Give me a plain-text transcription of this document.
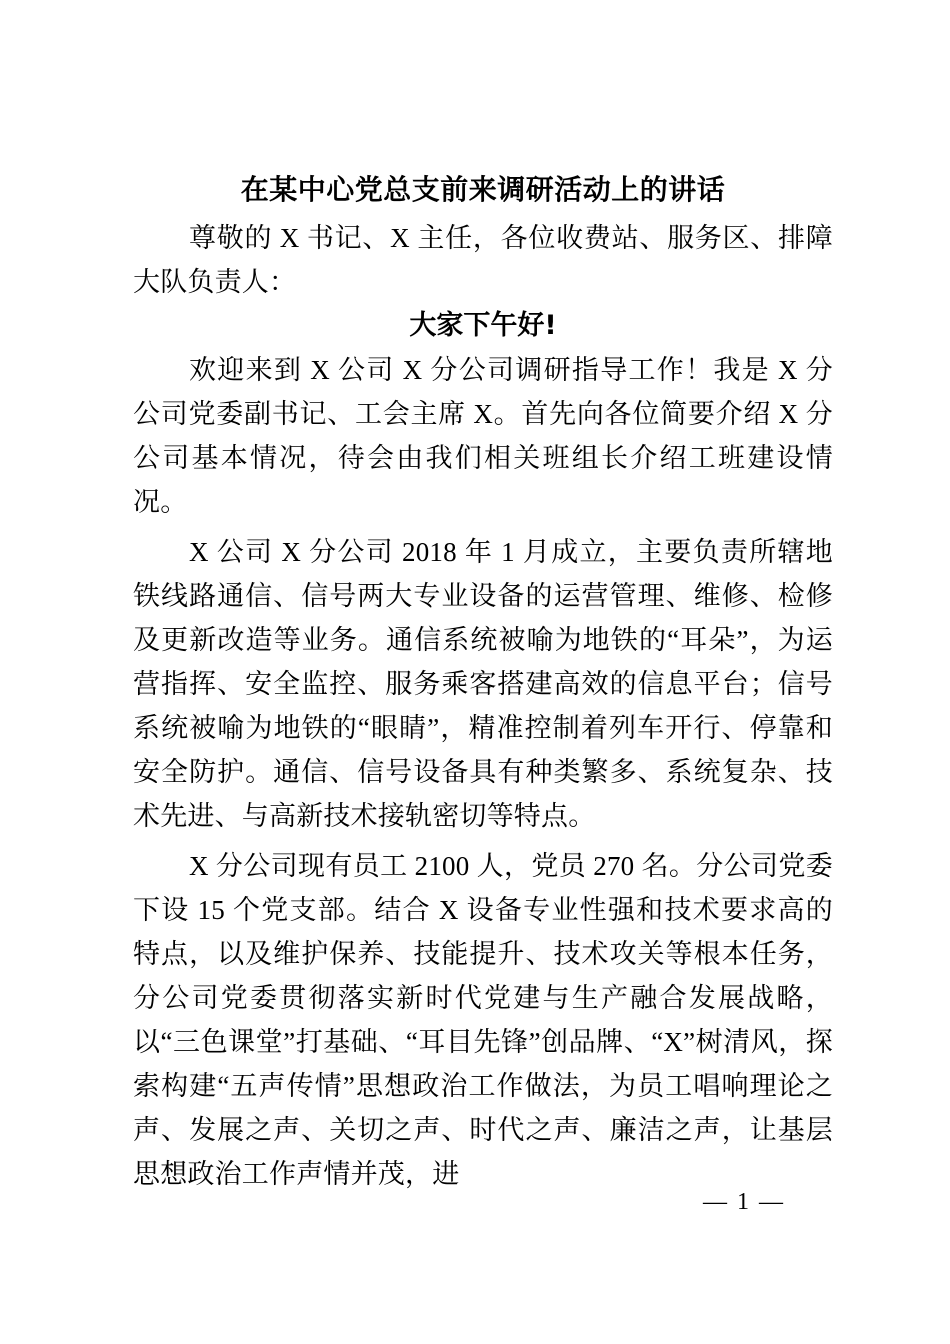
在某中心党总支前来调研活动上的讲话

尊敬的 X 书记、X 主任，各位收费站、服务区、排障大队负责人：

大家下午好!

欢迎来到 X 公司 X 分公司调研指导工作！我是 X 分公司党委副书记、工会主席 X。首先向各位简要介绍 X 分公司基本情况，待会由我们相关班组长介绍工班建设情况。

X 公司 X 分公司 2018 年 1 月成立，主要负责所辖地铁线路通信、信号两大专业设备的运营管理、维修、检修及更新改造等业务。通信系统被喻为地铁的“耳朵”，为运营指挥、安全监控、服务乘客搭建高效的信息平台；信号系统被喻为地铁的“眼睛”，精准控制着列车开行、停靠和安全防护。通信、信号设备具有种类繁多、系统复杂、技术先进、与高新技术接轨密切等特点。

X 分公司现有员工 2100 人，党员 270 名。分公司党委下设 15 个党支部。结合 X 设备专业性强和技术要求高的特点，以及维护保养、技能提升、技术攻关等根本任务，分公司党委贯彻落实新时代党建与生产融合发展战略，以“三色课堂”打基础、“耳目先锋”创品牌、“X”树清风，探索构建“五声传情”思想政治工作做法，为员工唱响理论之声、发展之声、关切之声、时代之声、廉洁之声，让基层思想政治工作声情并茂，进

— 1 —
